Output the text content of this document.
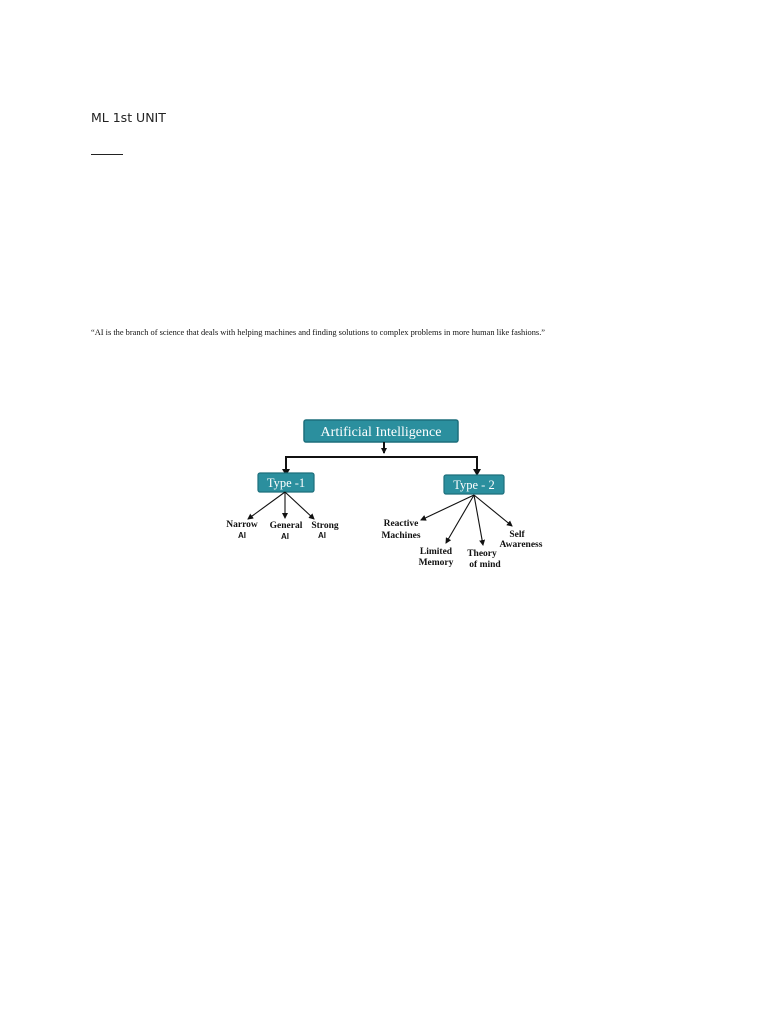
ML 1st UNIT
“AI is the branch of science that deals with helping machines and finding solutions to complex problems in more human like fashions.”
Artificial Intelligence
Type -1
Narrow
AI
General
AI
Strong
AI
Type - 2
Reactive
Machines
Limited
Memory
Theory
of mind
Self
Awareness
